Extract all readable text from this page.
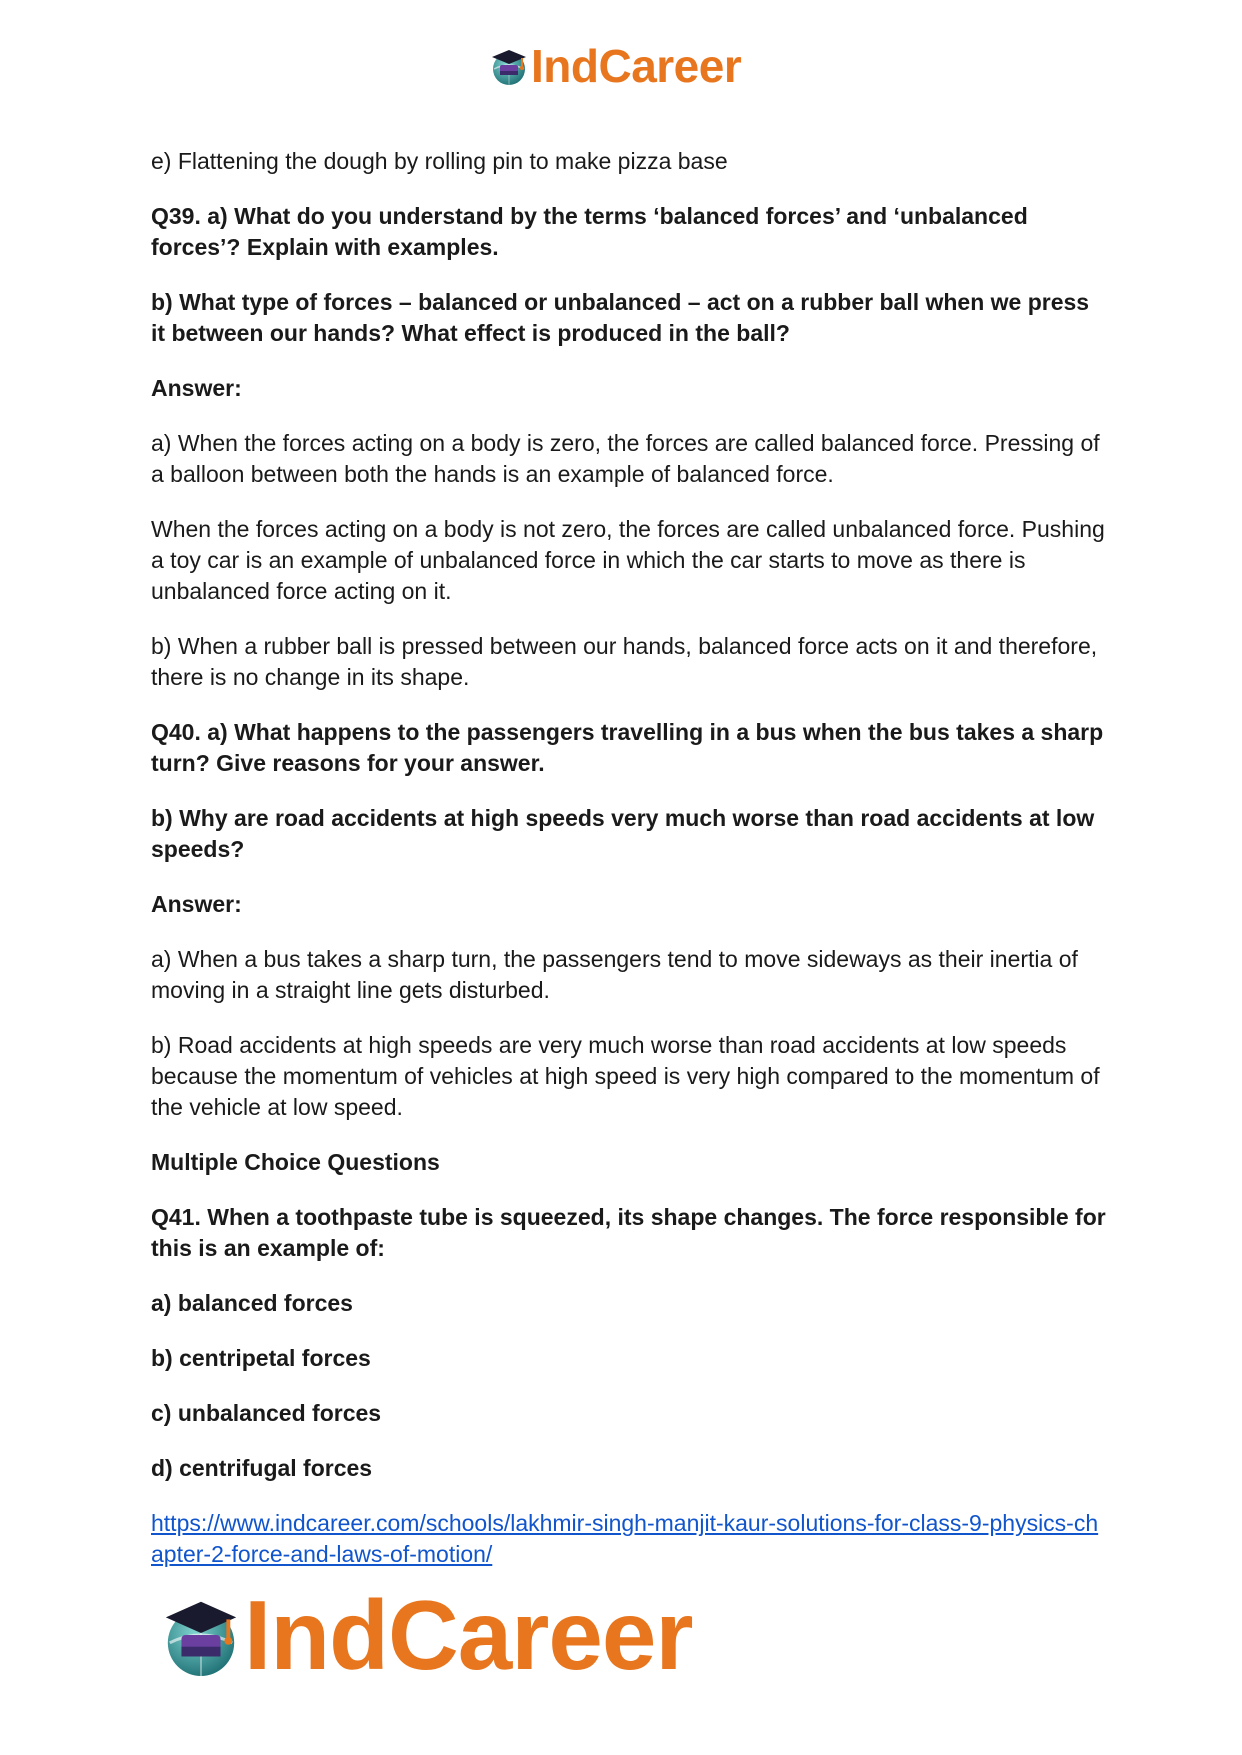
IndCareer

e) Flattening the dough by rolling pin to make pizza base

Q39. a) What do you understand by the terms ‘balanced forces’ and ‘unbalanced forces’? Explain with examples.

b) What type of forces – balanced or unbalanced – act on a rubber ball when we press it between our hands? What effect is produced in the ball?

Answer:

a) When the forces acting on a body is zero, the forces are called balanced force. Pressing of a balloon between both the hands is an example of balanced force.

When the forces acting on a body is not zero, the forces are called unbalanced force. Pushing a toy car is an example of unbalanced force in which the car starts to move as there is unbalanced force acting on it.

b) When a rubber ball is pressed between our hands, balanced force acts on it and therefore, there is no change in its shape.

Q40. a) What happens to the passengers travelling in a bus when the bus takes a sharp turn? Give reasons for your answer.

b) Why are road accidents at high speeds very much worse than road accidents at low speeds?

Answer:

a) When a bus takes a sharp turn, the passengers tend to move sideways as their inertia of moving in a straight line gets disturbed.

b) Road accidents at high speeds are very much worse than road accidents at low speeds because the momentum of vehicles at high speed is very high compared to the momentum of the vehicle at low speed.

Multiple Choice Questions

Q41. When a toothpaste tube is squeezed, its shape changes. The force responsible for this is an example of:

a) balanced forces

b) centripetal forces

c) unbalanced forces

d) centrifugal forces

https://www.indcareer.com/schools/lakhmir-singh-manjit-kaur-solutions-for-class-9-physics-chapter-2-force-and-laws-of-motion/

IndCareer
